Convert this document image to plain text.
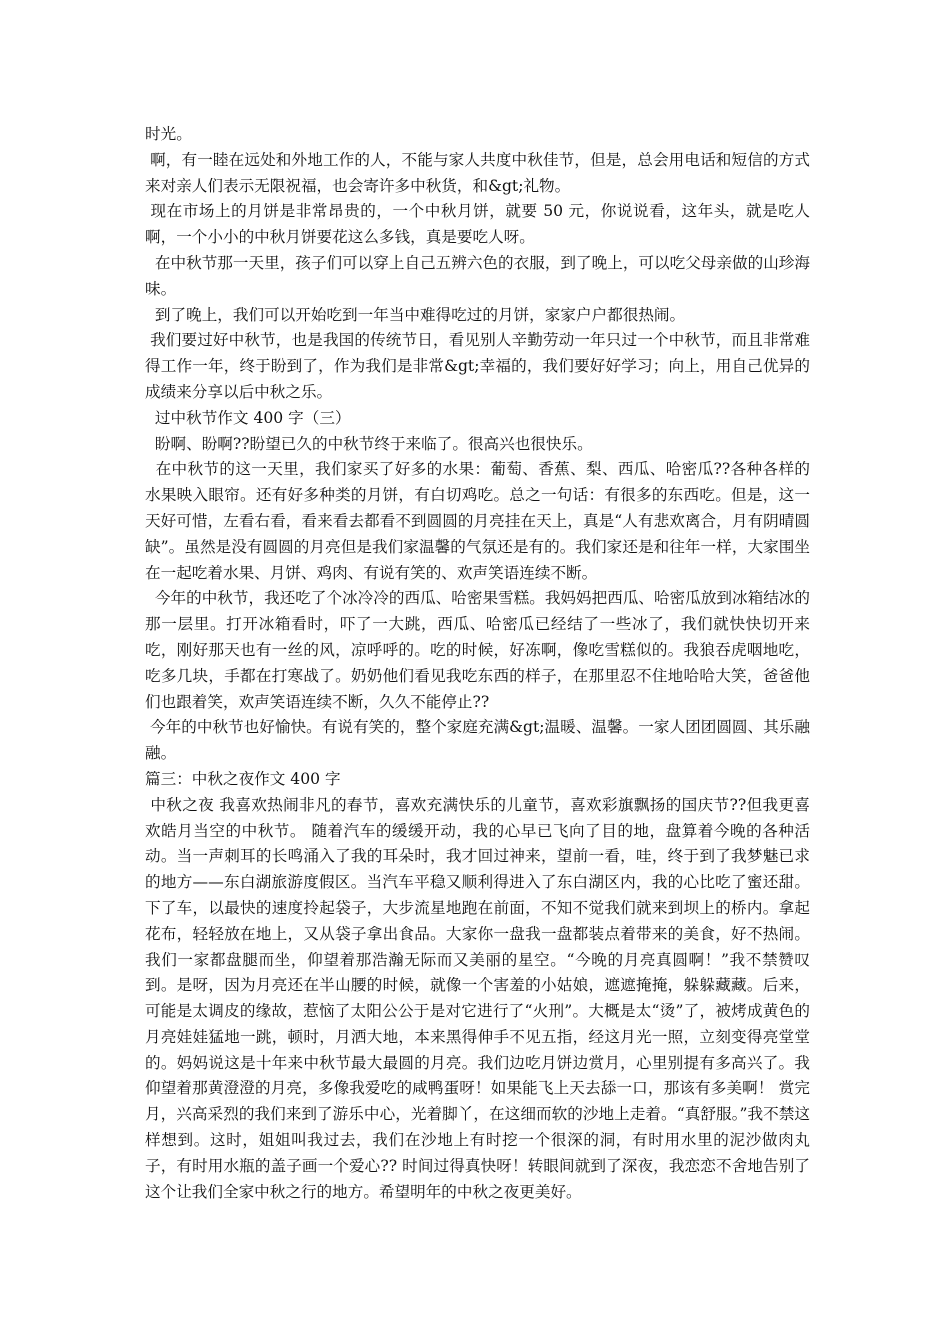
时光。

啊，有一睦在远处和外地工作的人，不能与家人共度中秋佳节，但是，总会用电话和短信的方式来对亲人们表示无限祝福，也会寄许多中秋货，和&gt;礼物。

现在市场上的月饼是非常昂贵的，一个中秋月饼，就要 50 元，你说说看，这年头，就是吃人啊，一个小小的中秋月饼要花这么多钱，真是要吃人呀。

在中秋节那一天里，孩子们可以穿上自己五辨六色的衣服，到了晚上，可以吃父母亲做的山珍海味。

到了晚上，我们可以开始吃到一年当中难得吃过的月饼，家家户户都很热闹。

我们要过好中秋节，也是我国的传统节日，看见别人辛勤劳动一年只过一个中秋节，而且非常难得工作一年，终于盼到了，作为我们是非常&gt;幸福的，我们要好好学习；向上，用自己优异的成绩来分享以后中秋之乐。

过中秋节作文 400 字（三）

盼啊、盼啊??盼望已久的中秋节终于来临了。很高兴也很快乐。

在中秋节的这一天里，我们家买了好多的水果：葡萄、香蕉、梨、西瓜、哈密瓜??各种各样的水果映入眼帘。还有好多种类的月饼，有白切鸡吃。总之一句话：有很多的东西吃。但是，这一天好可惜，左看右看，看来看去都看不到圆圆的月亮挂在天上，真是“人有悲欢离合，月有阴晴圆缺”。虽然是没有圆圆的月亮但是我们家温馨的气氛还是有的。我们家还是和往年一样，大家围坐在一起吃着水果、月饼、鸡肉、有说有笑的、欢声笑语连续不断。

今年的中秋节，我还吃了个冰冷冷的西瓜、哈密果雪糕。我妈妈把西瓜、哈密瓜放到冰箱结冰的那一层里。打开冰箱看时，吓了一大跳，西瓜、哈密瓜已经结了一些冰了，我们就快快切开来吃，刚好那天也有一丝的风，凉呼呼的。吃的时候，好冻啊，像吃雪糕似的。我狼吞虎咽地吃，吃多几块，手都在打寒战了。奶奶他们看见我吃东西的样子，在那里忍不住地哈哈大笑，爸爸他们也跟着笑，欢声笑语连续不断，久久不能停止??

今年的中秋节也好愉快。有说有笑的，整个家庭充满&gt;温暖、温馨。一家人团团圆圆、其乐融融。

篇三：中秋之夜作文 400 字

中秋之夜 我喜欢热闹非凡的春节，喜欢充满快乐的儿童节，喜欢彩旗飘扬的国庆节??但我更喜欢皓月当空的中秋节。 随着汽车的缓缓开动，我的心早已飞向了目的地，盘算着今晚的各种活动。当一声刺耳的长鸣涌入了我的耳朵时，我才回过神来，望前一看，哇，终于到了我梦魅已求的地方——东白湖旅游度假区。当汽车平稳又顺利得进入了东白湖区内，我的心比吃了蜜还甜。下了车，以最快的速度拎起袋子，大步流星地跑在前面，不知不觉我们就来到坝上的桥内。拿起花布，轻轻放在地上，又从袋子拿出食品。大家你一盘我一盘都装点着带来的美食，好不热闹。我们一家都盘腿而坐，仰望着那浩瀚无际而又美丽的星空。“今晚的月亮真圆啊！”我不禁赞叹到。是呀，因为月亮还在半山腰的时候，就像一个害羞的小姑娘，遮遮掩掩，躲躲藏藏。后来，可能是太调皮的缘故，惹恼了太阳公公于是对它进行了“火刑”。大概是太“烫”了，被烤成黄色的月亮娃娃猛地一跳，顿时，月洒大地，本来黑得伸手不见五指，经这月光一照，立刻变得亮堂堂的。妈妈说这是十年来中秋节最大最圆的月亮。我们边吃月饼边赏月，心里别提有多高兴了。我仰望着那黄澄澄的月亮，多像我爱吃的咸鸭蛋呀！如果能飞上天去舔一口，那该有多美啊！ 赏完月，兴高采烈的我们来到了游乐中心，光着脚丫，在这细而软的沙地上走着。“真舒服。”我不禁这样想到。这时，姐姐叫我过去，我们在沙地上有时挖一个很深的洞，有时用水里的泥沙做肉丸子，有时用水瓶的盖子画一个爱心?? 时间过得真快呀！转眼间就到了深夜，我恋恋不舍地告别了这个让我们全家中秋之行的地方。希望明年的中秋之夜更美好。
